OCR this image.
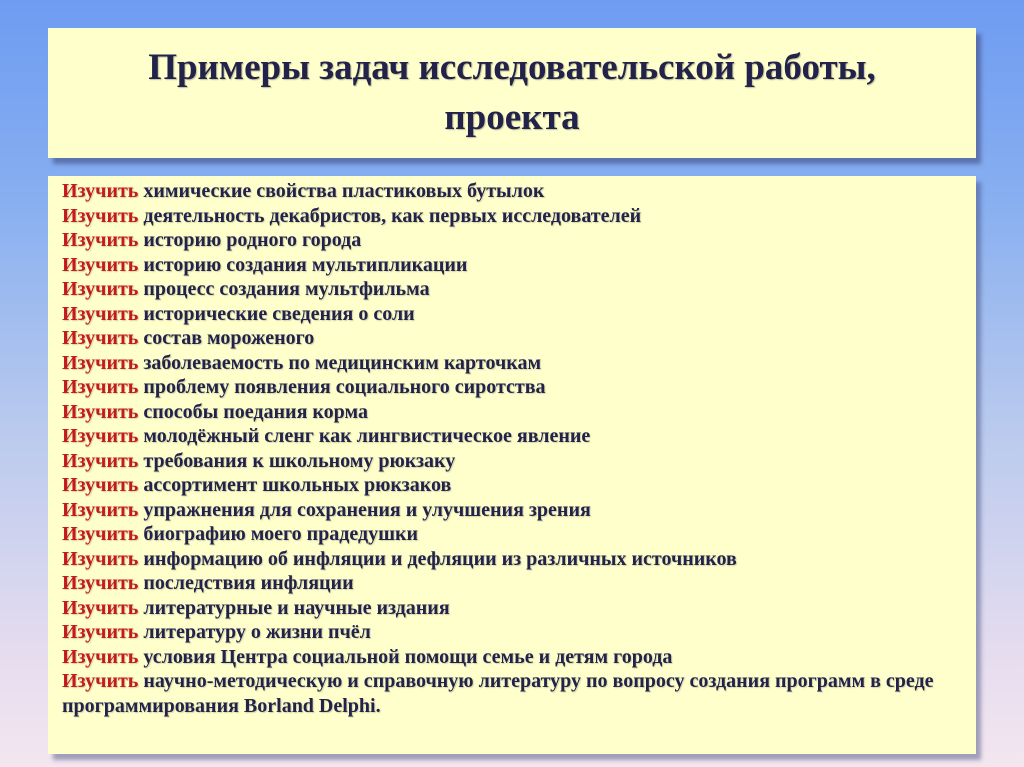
Примеры задач исследовательской работы,
проекта
Изучить химические свойства пластиковых бутылок
Изучить деятельность декабристов, как первых исследователей
Изучить историю родного города
Изучить историю создания мультипликации
Изучить процесс создания мультфильма
Изучить исторические сведения о соли
Изучить состав мороженого
Изучить заболеваемость по медицинским карточкам
Изучить проблему появления социального сиротства
Изучить способы поедания корма
Изучить молодёжный сленг как лингвистическое явление
Изучить требования к школьному рюкзаку
Изучить ассортимент школьных рюкзаков
Изучить упражнения для сохранения и улучшения зрения
Изучить биографию моего прадедушки
Изучить информацию об инфляции и дефляции из различных источников
Изучить последствия инфляции
Изучить литературные и научные издания
Изучить литературу о жизни пчёл
Изучить условия Центра социальной помощи семье и детям города
Изучить научно-методическую и справочную литературу по вопросу создания программ в среде программирования Borland Delphi.
